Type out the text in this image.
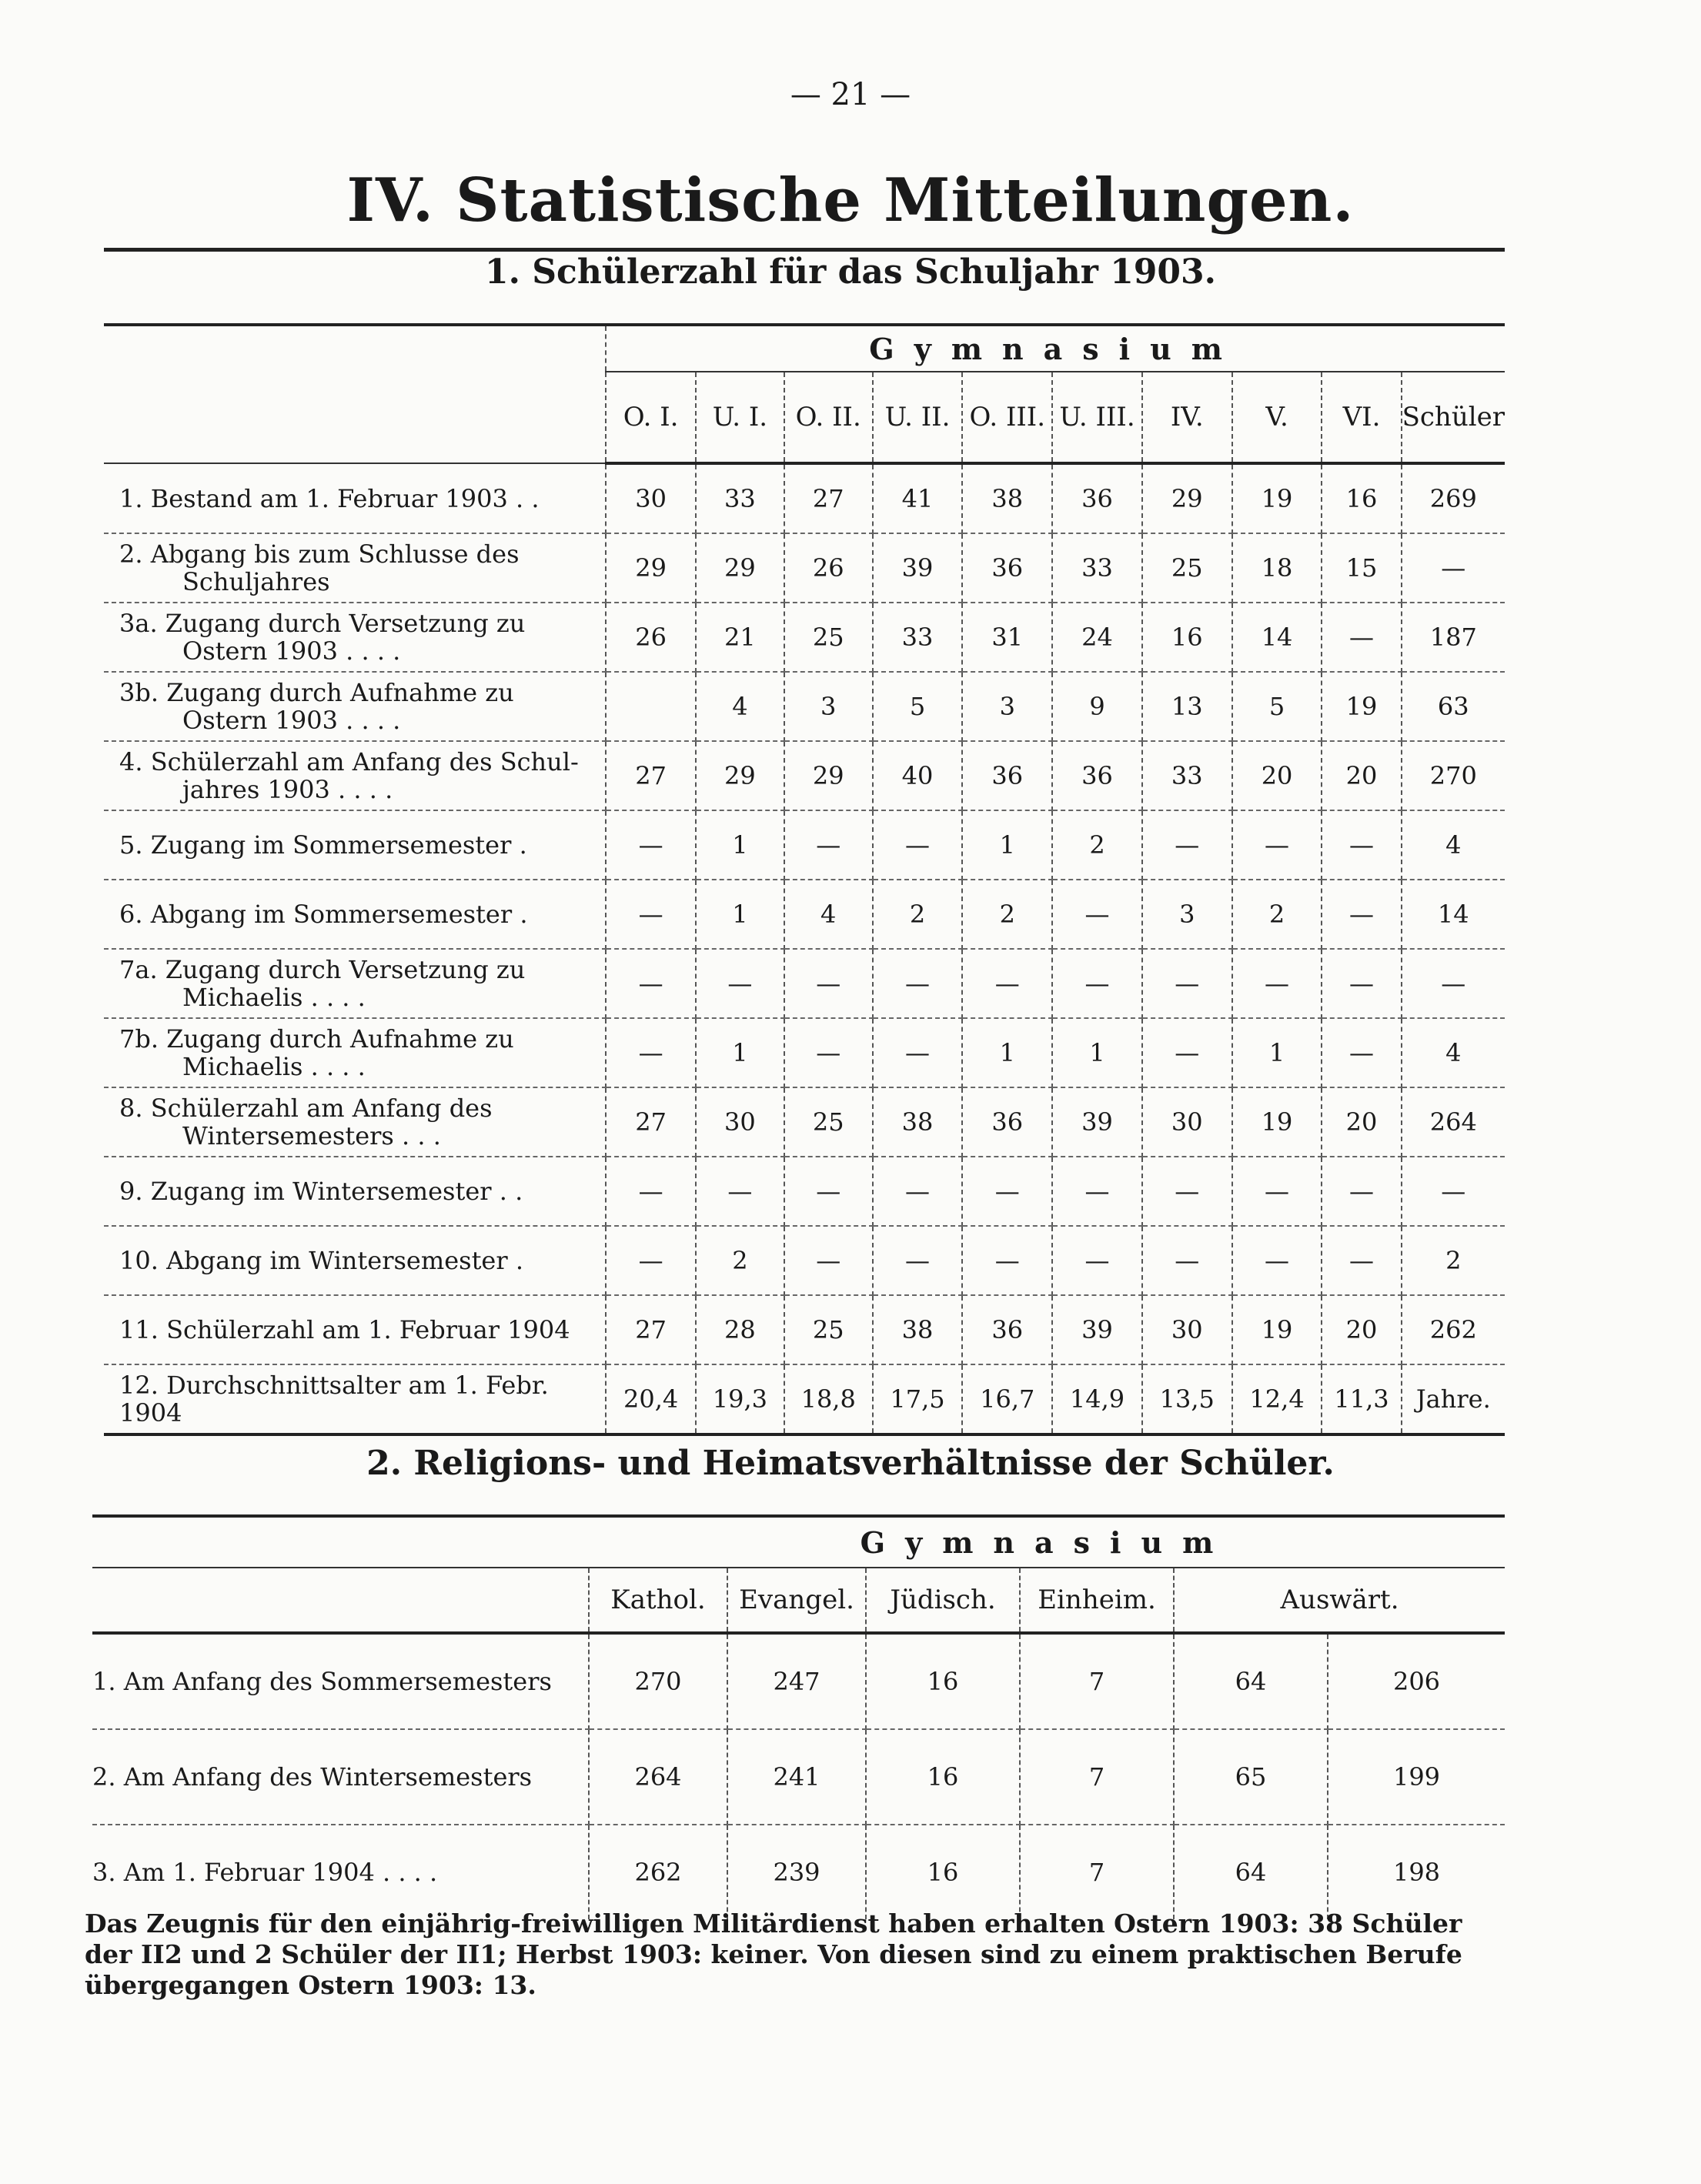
— 21 —
IV. Statistische Mitteilungen.
1. Schülerzahl für das Schuljahr 1903.
	Gymnasium									
	O. I.	U. I.	O. II.	U. II.	O. III.	U. III.	IV.	V.	VI.	Schüler

1. Bestand am 1. Februar 1903 . .	30	33	27	41	38	36	29	19	16	269

2. Abgang bis zum Schlusse des
Schuljahres	29	29	26	39	36	33	25	18	15	—

3a. Zugang durch Versetzung zu
Ostern 1903 . . . .	26	21	25	33	31	24	16	14	—	187

3b. Zugang durch Aufnahme zu
Ostern 1903 . . . .		4	3	5	3	9	13	5	19	63

4. Schülerzahl am Anfang des Schul-
jahres 1903 . . . .	27	29	29	40	36	36	33	20	20	270

5. Zugang im Sommersemester .	—	1	—	—	1	2	—	—	—	4

6. Abgang im Sommersemester .	—	1	4	2	2	—	3	2	—	14

7a. Zugang durch Versetzung zu
Michaelis . . . .	—	—	—	—	—	—	—	—	—	—

7b. Zugang durch Aufnahme zu
Michaelis . . . .	—	1	—	—	1	1	—	1	—	4

8. Schülerzahl am Anfang des
Wintersemesters . . .	27	30	25	38	36	39	30	19	20	264

9. Zugang im Wintersemester . .	—	—	—	—	—	—	—	—	—	—

10. Abgang im Wintersemester .	—	2	—	—	—	—	—	—	—	2

11. Schülerzahl am 1. Februar 1904	27	28	25	38	36	39	30	19	20	262

12. Durchschnittsalter am 1. Febr. 1904	20,4	19,3	18,8	17,5	16,7	14,9	13,5	12,4	11,3	Jahre.
2. Religions- und Heimatsverhältnisse der Schüler.
	Gymnasium					
	Kathol.	Evangel.	Jüdisch.	Einheim.	Auswärt.	
1. Am Anfang des Sommersemesters	270	247	16	7	64	206
2. Am Anfang des Wintersemesters	264	241	16	7	65	199
3. Am 1. Februar 1904 . . . .	262	239	16	7	64	198
Das Zeugnis für den einjährig-freiwilligen Militärdienst haben erhalten Ostern 1903: 38 Schüler der II2 und 2 Schüler der II1; Herbst 1903: keiner. Von diesen sind zu einem praktischen Berufe übergegangen Ostern 1903: 13.
